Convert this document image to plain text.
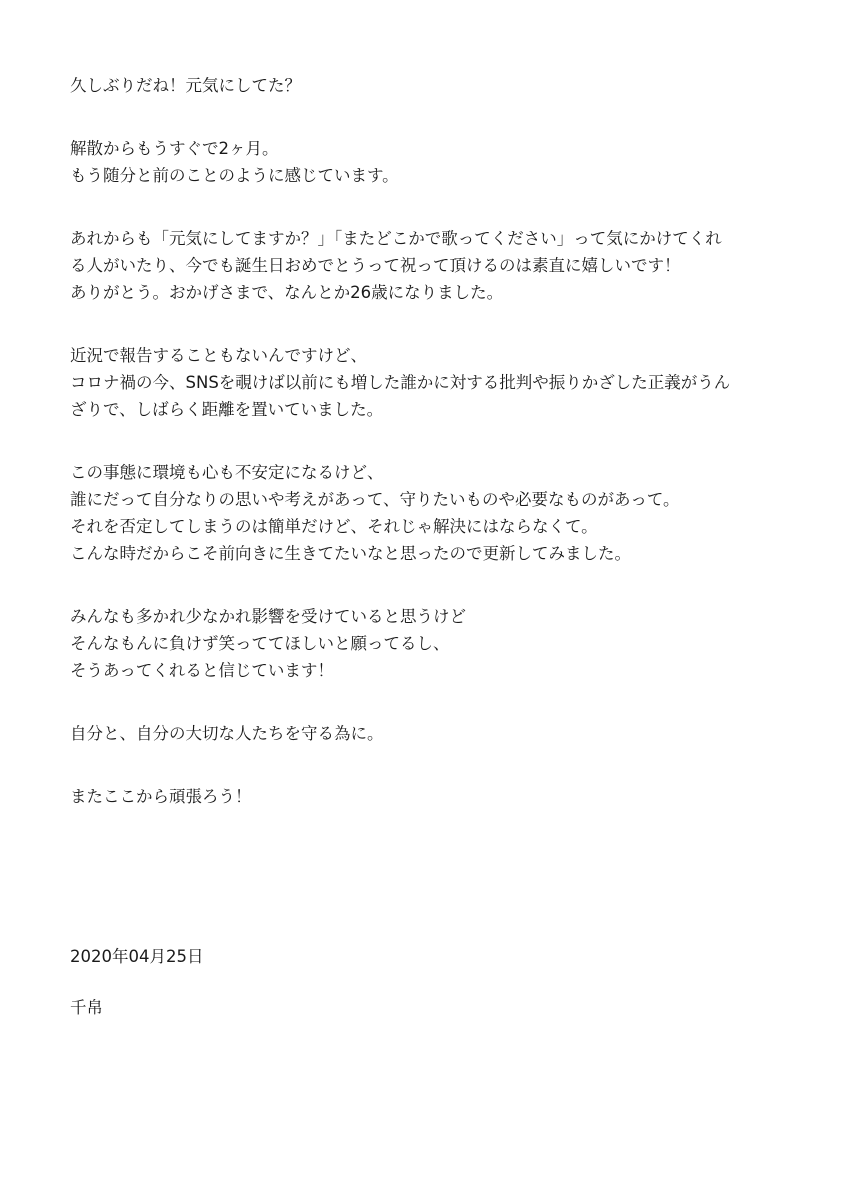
久しぶりだね！元気にしてた？

解散からもうすぐで2ヶ月。
もう随分と前のことのように感じています。

あれからも「元気にしてますか？」「またどこかで歌ってください」って気にかけてくれ
る人がいたり、今でも誕生日おめでとうって祝って頂けるのは素直に嬉しいです！
ありがとう。おかげさまで、なんとか26歳になりました。

近況で報告することもないんですけど、
コロナ禍の今、SNSを覗けば以前にも増した誰かに対する批判や振りかざした正義がうん
ざりで、しばらく距離を置いていました。

この事態に環境も心も不安定になるけど、
誰にだって自分なりの思いや考えがあって、守りたいものや必要なものがあって。
それを否定してしまうのは簡単だけど、それじゃ解決にはならなくて。
こんな時だからこそ前向きに生きてたいなと思ったので更新してみました。

みんなも多かれ少なかれ影響を受けていると思うけど
そんなもんに負けず笑っててほしいと願ってるし、
そうあってくれると信じています！

自分と、自分の大切な人たちを守る為に。

またここから頑張ろう！

2020年04月25日
千帛
